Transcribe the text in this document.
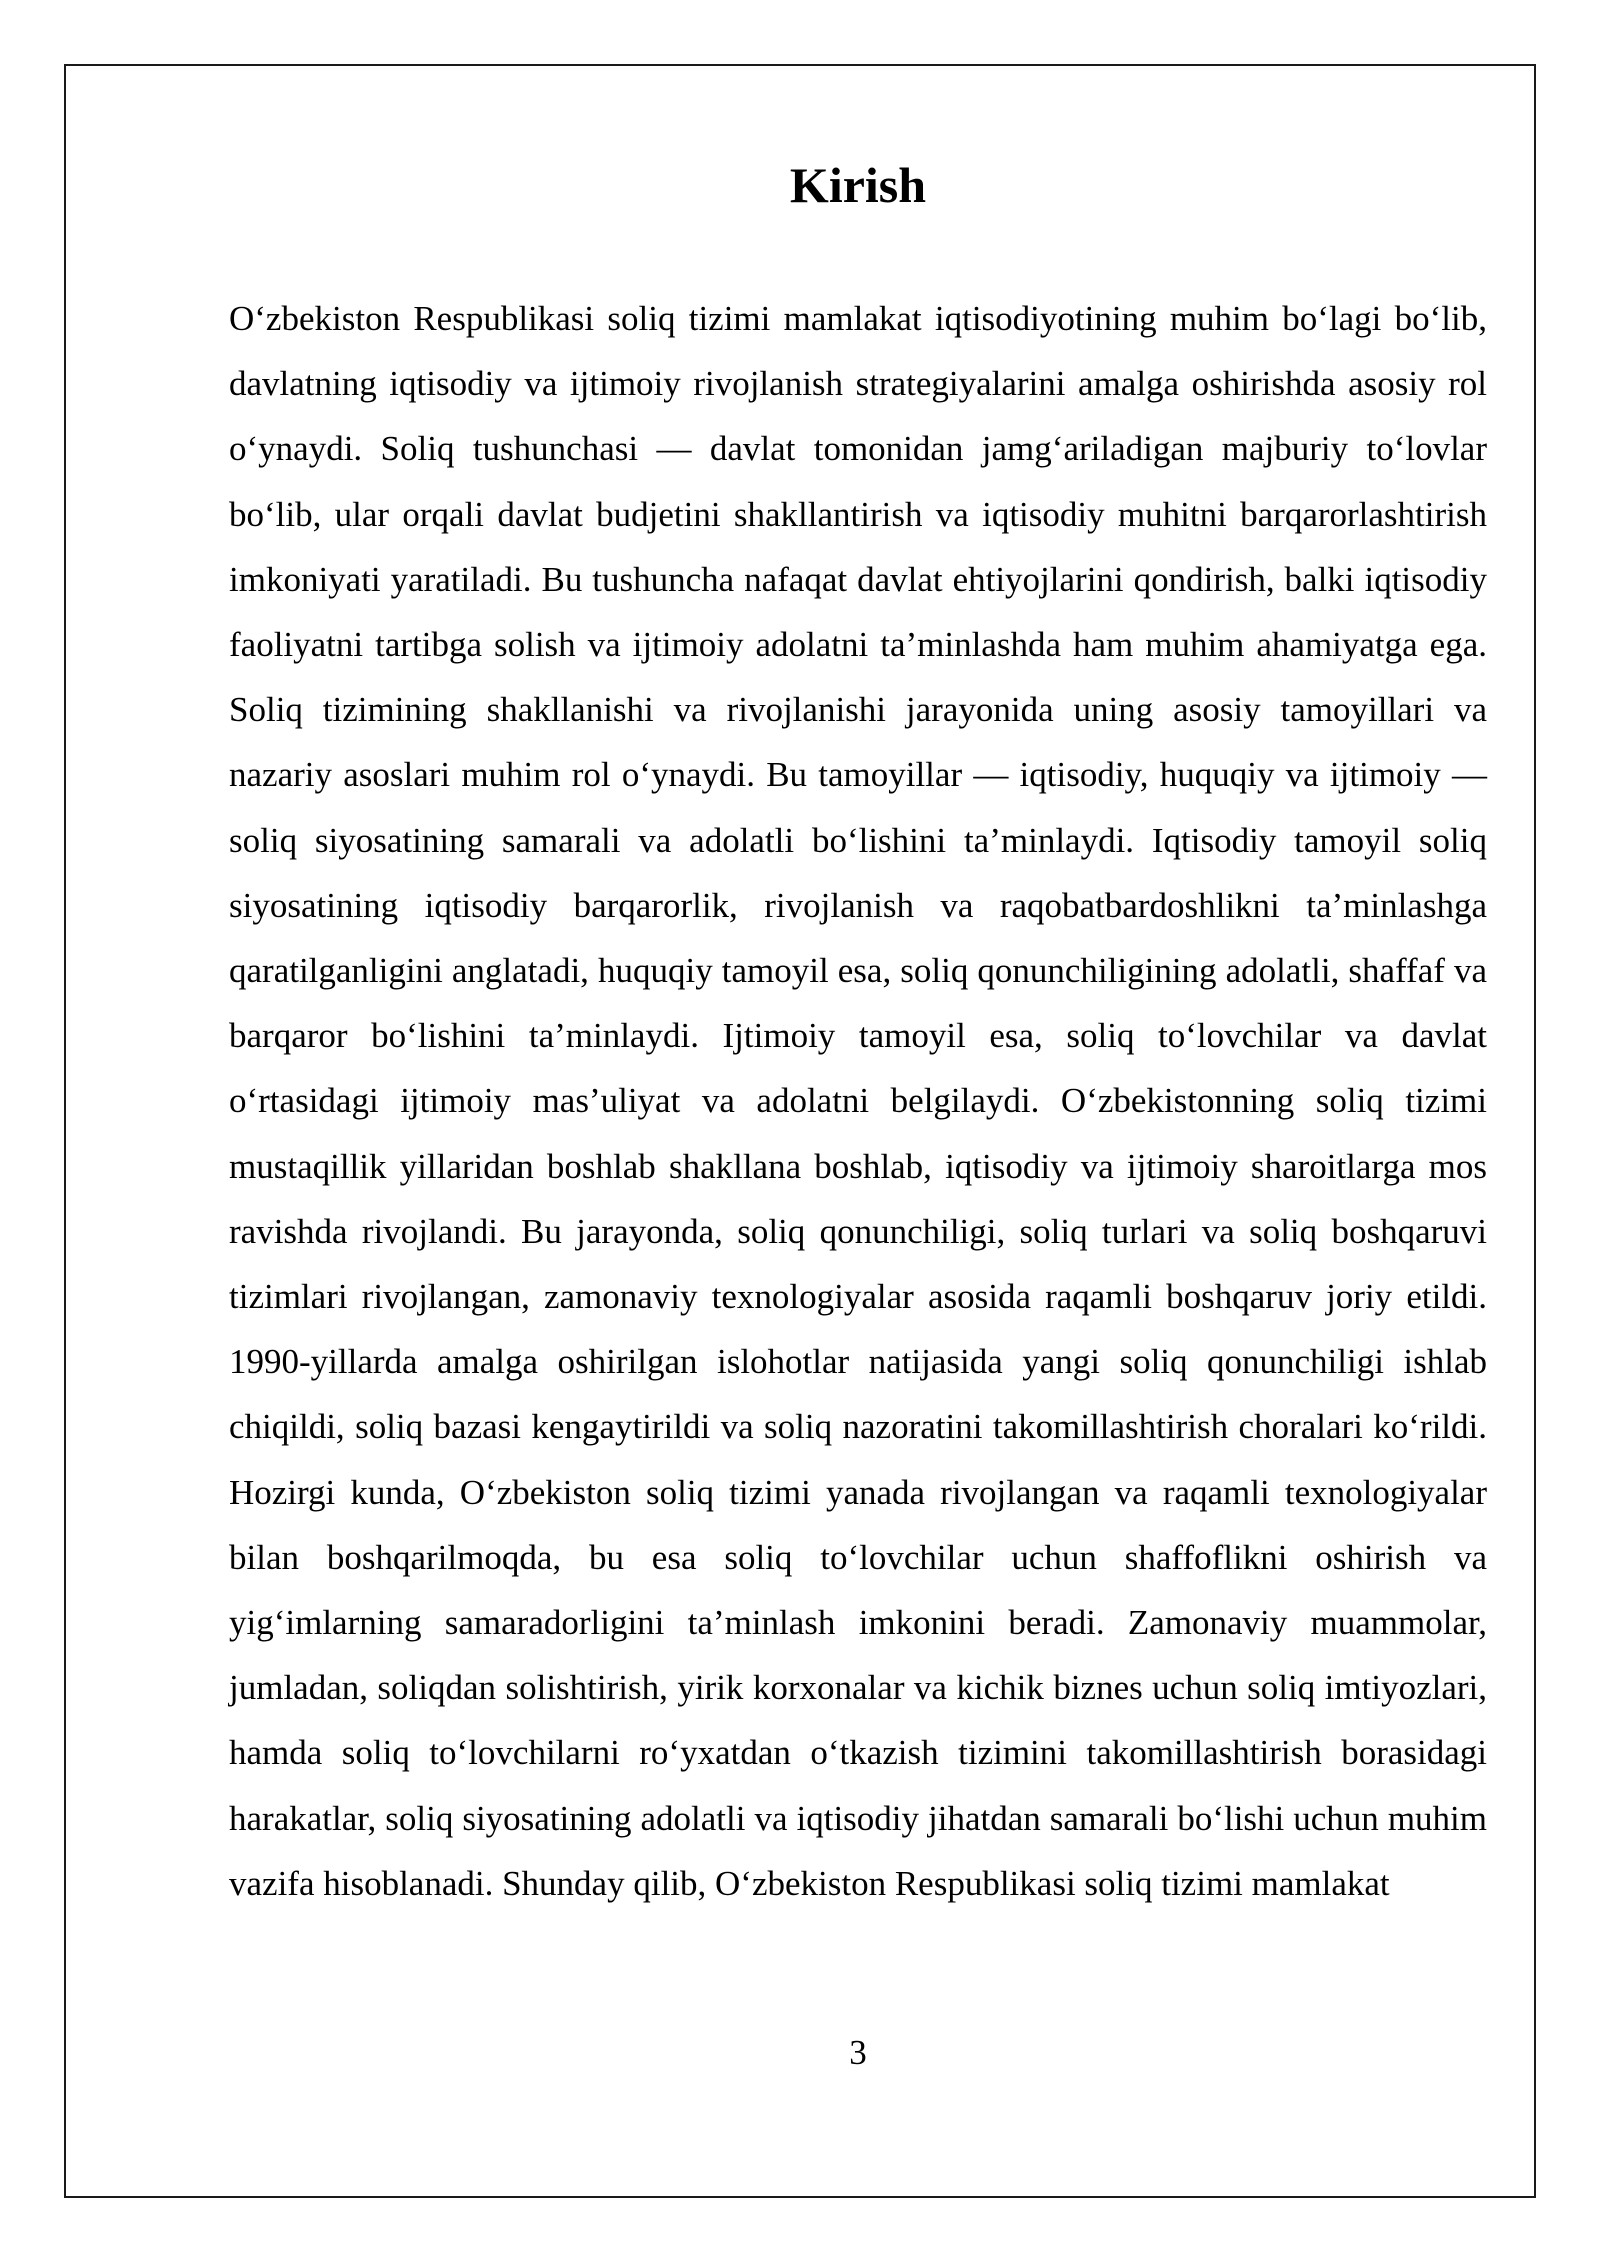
Kirish

O‘zbekiston Respublikasi soliq tizimi mamlakat iqtisodiyotining muhim bo‘lagi bo‘lib, davlatning iqtisodiy va ijtimoiy rivojlanish strategiyalarini amalga oshirishda asosiy rol o‘ynaydi. Soliq tushunchasi — davlat tomonidan jamg‘ariladigan majburiy to‘lovlar bo‘lib, ular orqali davlat budjetini shakllantirish va iqtisodiy muhitni barqarorlashtirish imkoniyati yaratiladi. Bu tushuncha nafaqat davlat ehtiyojlarini qondirish, balki iqtisodiy faoliyatni tartibga solish va ijtimoiy adolatni ta’minlashda ham muhim ahamiyatga ega. Soliq tizimining shakllanishi va rivojlanishi jarayonida uning asosiy tamoyillari va nazariy asoslari muhim rol o‘ynaydi. Bu tamoyillar — iqtisodiy, huquqiy va ijtimoiy — soliq siyosatining samarali va adolatli bo‘lishini ta’minlaydi. Iqtisodiy tamoyil soliq siyosatining iqtisodiy barqarorlik, rivojlanish va raqobatbardoshlikni ta’minlashga qaratilganligini anglatadi, huquqiy tamoyil esa, soliq qonunchiligining adolatli, shaffaf va barqaror bo‘lishini ta’minlaydi. Ijtimoiy tamoyil esa, soliq to‘lovchilar va davlat o‘rtasidagi ijtimoiy mas’uliyat va adolatni belgilaydi. O‘zbekistonning soliq tizimi mustaqillik yillaridan boshlab shakllana boshlab, iqtisodiy va ijtimoiy sharoitlarga mos ravishda rivojlandi. Bu jarayonda, soliq qonunchiligi, soliq turlari va soliq boshqaruvi tizimlari rivojlangan, zamonaviy texnologiyalar asosida raqamli boshqaruv joriy etildi. 1990-yillarda amalga oshirilgan islohotlar natijasida yangi soliq qonunchiligi ishlab chiqildi, soliq bazasi kengaytirildi va soliq nazoratini takomillashtirish choralari ko‘rildi. Hozirgi kunda, O‘zbekiston soliq tizimi yanada rivojlangan va raqamli texnologiyalar bilan boshqarilmoqda, bu esa soliq to‘lovchilar uchun shaffoflikni oshirish va yig‘imlarning samaradorligini ta’minlash imkonini beradi. Zamonaviy muammolar, jumladan, soliqdan solishtirish, yirik korxonalar va kichik biznes uchun soliq imtiyozlari, hamda soliq to‘lovchilarni ro‘yxatdan o‘tkazish tizimini takomillashtirish borasidagi harakatlar, soliq siyosatining adolatli va iqtisodiy jihatdan samarali bo‘lishi uchun muhim vazifa hisoblanadi. Shunday qilib, O‘zbekiston Respublikasi soliq tizimi mamlakat

3
